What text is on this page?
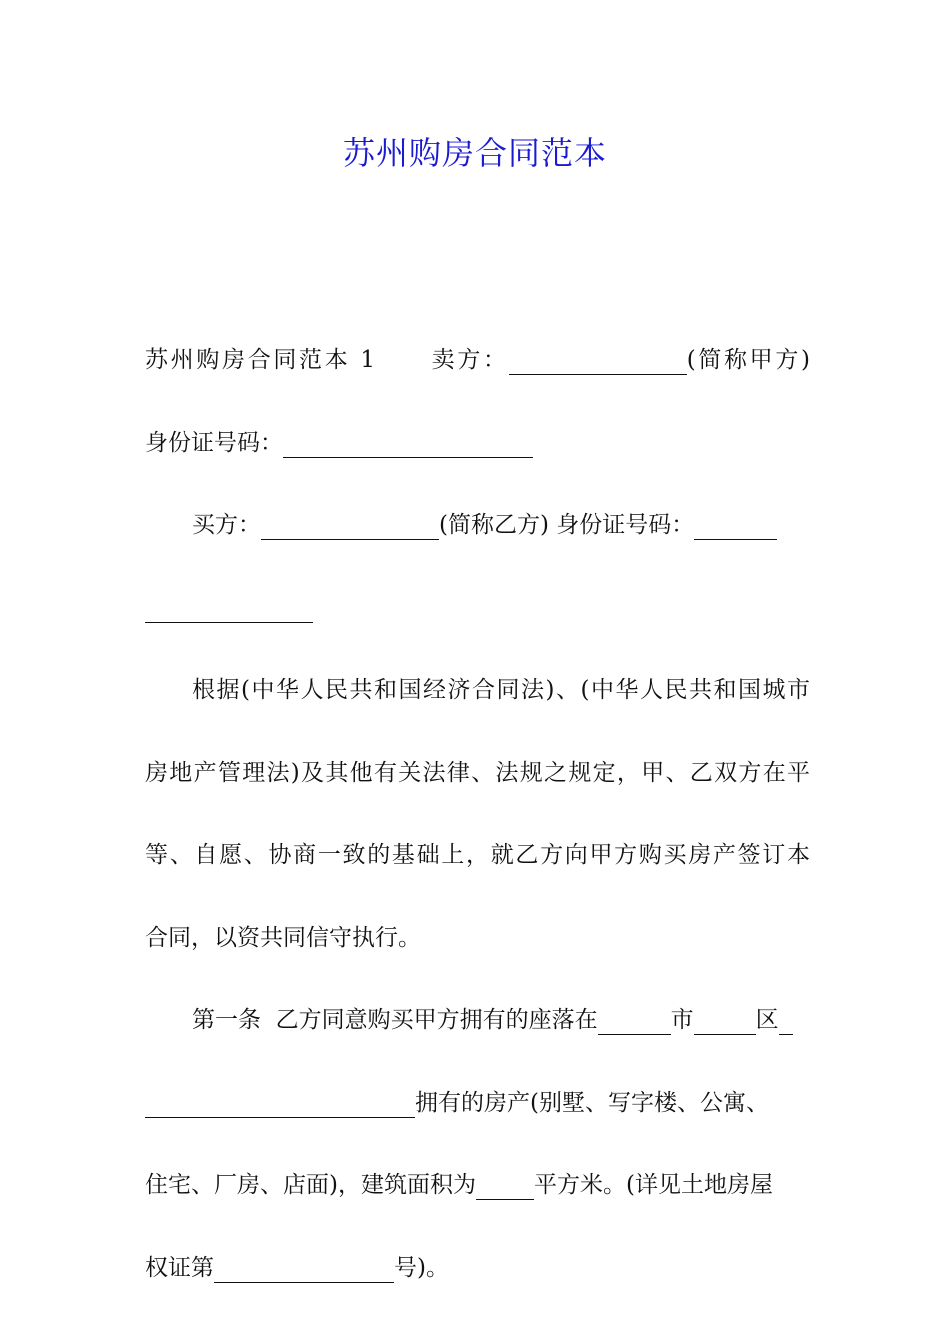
苏州购房合同范本
苏州购房合同范本 1 卖方：	(简称甲方)
身份证号码：
买方：	(简称乙方) 身份证号码：
根据(中华人民共和国经济合同法)、(中华人民共和国城市
房地产管理法)及其他有关法律、法规之规定，甲、乙双方在平
等、自愿、协商一致的基础上，就乙方向甲方购买房产签订本
合同，以资共同信守执行。
第一条 乙方同意购买甲方拥有的座落在	市	区
拥有的房产(别墅、写字楼、公寓、
住宅、厂房、店面)，建筑面积为	平方米。(详见土地房屋
权证第	号)。
